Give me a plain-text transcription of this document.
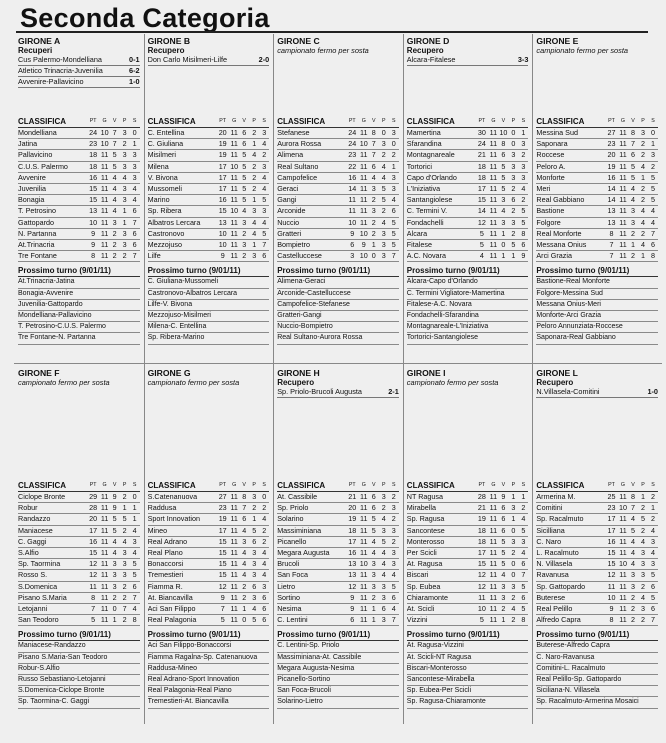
Seconda Categoria
GIRONE A
Recuperi
Cus Palermo-Mondelliana	0-1
Atletico Trinacria-Juvenilia	6-2
Avvenire-Pallavicino	1-0
CLASSIFICA	PT	G	V	P	S
Mondelliana	24 10 7 3 0
Jatina	23 10 7 2 1
Pallavicino	18 11 5 3 3
C.U.S. Palermo	18 11 5 3 3
Avvenire	16 11 4 4 3
Juvenilia	15 11 4 3 4
Bonagia	15 11 4 3 4
T. Petrosino	13 11 4 1 6
Gattopardo	10 11 3 1 7
N. Partanna	9 11 2 3 6
At.Trinacria	9 11 2 3 6
Tre Fontane	8 11 2 2 7
Prossimo turno (9/01/11)
At.Trinacria-Jatina
Bonagia-Avvenire
Juvenilia-Gattopardo
Mondelliana-Pallavicino
T. Petrosino-C.U.S. Palermo
Tre Fontane-N. Partanna
GIRONE B
Recupero
Don Carlo Misilmeri-Lilfe	2-0
CLASSIFICA	PT	G	V	P	S
C. Entellina	20 11 6 2 3
C. Giuliana	19 11 6 1 4
Misilmeri	19 11 5 4 2
Milena	17 10 5 2 3
V. Bivona	17 11 5 2 4
Mussomeli	17 11 5 2 4
Marino	16 11 5 1 5
Sp. Ribera	15 10 4 3 3
Albatros Lercara	13 11 3 4 4
Castronovo	10 11 2 4 5
Mezzojuso	10 11 3 1 7
Lilfe	9 11 2 3 6
Prossimo turno (9/01/11)
C. Giuliana-Mussomeli
Castronovo-Albatros Lercara
Lilfe-V. Bivona
Mezzojuso-Misilmeri
Milena-C. Entellina
Sp. Ribera-Marino
GIRONE C
campionato fermo per sosta
CLASSIFICA	PT	G	V	P	S
Stefanese	24 11 8 0 3
Aurora Rossa	24 10 7 3 0
Alimena	23 11 7 2 2
Real Sultano	22 11 6 4 1
Campofelice	16 11 4 4 3
Geraci	14 11 3 5 3
Gangi	11 11 2 5 4
Arconide	11 11 3 2 6
Nuccio	10 11 2 4 5
Gratteri	9 10 2 3 5
Bompietro	6	9 1 3 5
Castelluccese	3 10 0 3 7
Prossimo turno (9/01/11)
Alimena-Geraci
Arconide-Castelluccese
Campofelice-Stefanese
Gratteri-Gangi
Nuccio-Bompietro
Real Sultano-Aurora Rossa
GIRONE D
Recupero
Alcara-Fitalese	3-3
CLASSIFICA	PT	G	V	P	S
Mamertina	30 11 10 0 1
Sfarandina	24 11 8 0 3
Montagnareale	21 11 6 3 2
Tortorici	18 11 5 3 3
Capo d'Orlando	18 11 5 3 3
L'Iniziativa	17 11 5 2 4
Santangiolese	15 11 3 6 2
C. Termini V.	14 11 4 2 5
Fondachelli	12 11 3 3 5
Alcara	5 11 1 2 8
Fitalese	5 11 0 5 6
A.C. Novara	4 11 1 1 9
Prossimo turno (9/01/11)
Alcara-Capo d'Orlando
C. Termini Vigliatore-Mamertina
Fitalese-A.C. Novara
Fondachelli-Sfarandina
Montagnareale-L'Iniziativa
Tortorici-Santangiolese
GIRONE E
campionato fermo per sosta
CLASSIFICA	PT	G	V	P	S
Messina Sud	27 11 8 3 0
Saponara	23 11 7 2 1
Roccese	20 11 6 2 3
Peloro A.	19 11 5 4 2
Monforte	16 11 5 1 5
Meri	14 11 4 2 5
Real Gabbiano	14 11 4 2 5
Bastione	13 11 3 4 4
Folgore	13 11 3 4 4
Real Monforte	8 11 2 2 7
Messana Onius	7 11 1 4 6
Arci Grazia	7 11 2 1 8
Prossimo turno (9/01/11)
Bastione-Real Monforte
Folgore-Messina Sud
Messana Onius-Meri
Monforte-Arci Grazia
Peloro Annunziata-Roccese
Saponara-Real Gabbiano
GIRONE F
campionato fermo per sosta
CLASSIFICA	PT	G	V	P	S
Ciclope Bronte	29 11 9 2 0
Robur	28 11 9 1 1
Randazzo	20 11 5 5 1
Maniacese	17 11 5 2 4
C. Gaggi	16 11 4 4 3
S.Alfio	15 11 4 3 4
Sp. Taormina	12 11 3 3 5
Rosso S.	12 11 3 3 5
S.Domenica	11 11 3 2 6
Pisano S.Maria	8 11 2 2 7
Letojanni	7 11 0 7 4
San Teodoro	5 11 1 2 8
Prossimo turno (9/01/11)
Maniacese-Randazzo
Pisano S.Maria-San Teodoro
Robur-S.Alfio
Russo Sebastiano-Letojanni
S.Domenica-Ciclope Bronte
Sp. Taormina-C. Gaggi
GIRONE G
campionato fermo per sosta
CLASSIFICA	PT	G	V	P	S
S.Catenanuova	27 11 8 3 0
Raddusa	23 11 7 2 2
Sport Innovation	19 11 6 1 4
Mineo	17 11 4 5 2
Real Adrano	15 11 3 6 2
Real Plano	15 11 4 3 4
Bonaccorsi	15 11 4 3 4
Tremestieri	15 11 4 3 4
Fiamma R.	12 11 2 6 3
At. Biancavilla	9 11 2 3 6
Aci San Filippo	7 11 1 4 6
Real Palagonia	5 11 0 5 6
Prossimo turno (9/01/11)
Aci San Filippo-Bonaccorsi
Fiamma Ragalna-Sp. Catenanuova
Raddusa-Mineo
Real Adrano-Sport Innovation
Real Palagonia-Real Piano
Tremestieri-At. Biancavilla
GIRONE H
Recupero
Sp. Priolo-Brucoli Augusta	2-1
CLASSIFICA	PT	G	V	P	S
At. Cassibile	21 11 6 3 2
Sp. Priolo	20 11 6 2 3
Solarino	19 11 5 4 2
Massiminiana	18 11 5 3 3
Picanello	17 11 4 5 2
Megara Augusta	16 11 4 4 3
Brucoli	13 10 3 4 3
San Foca	13 11 3 4 4
Lietro	12 11 3 3 5
Sortino	9 11 2 3 6
Nesima	9 11 1 6 4
C. Lentini	6 11 1 3 7
Prossimo turno (9/01/11)
C. Lentini-Sp. Priolo
Massiminiana-At. Cassibile
Megara Augusta-Nesima
Picanello-Sortino
San Foca-Brucoli
Solarino-Lietro
GIRONE I
campionato fermo per sosta
CLASSIFICA	PT	G	V	P	S
NT Ragusa	28 11 9 1 1
Mirabella	21 11 6 3 2
Sp. Ragusa	19 11 6 1 4
Sancontese	18 11 6 0 5
Monterosso	18 11 5 3 3
Per Scicli	17 11 5 2 4
At. Ragusa	15 11 5 0 6
Biscari	12 11 4 0 7
Sp. Eubea	12 11 3 3 5
Chiaramonte	11 11 3 2 6
At. Scicli	10 11 2 4 5
Vizzini	5 11 1 2 8
Prossimo turno (9/01/11)
At. Ragusa-Vizzini
At. Scicli-NT Ragusa
Biscari-Monterosso
Sancontese-Mirabella
Sp. Eubea-Per Scicli
Sp. Ragusa-Chiaramonte
GIRONE L
Recupero
N.Villasela-Comitini	1-0
CLASSIFICA	PT	G	V	P	S
Armerina M.	25 11 8 1 2
Comitini	23 10 7 2 1
Sp. Racalmuto	17 11 4 5 2
Sicilliana	17 11 5 2 4
C. Naro	16 11 4 4 3
L. Racalmuto	15 11 4 3 4
N. Villasela	15 10 4 3 3
Ravanusa	12 11 3 3 5
Sp. Gattopardo	11 11 3 2 6
Buterese	10 11 2 4 5
Real Pelillo	9 11 2 3 6
Alfredo Capra	8 11 2 2 7
Prossimo turno (9/01/11)
Buterese-Alfredo Capra
C. Naro-Ravanusa
Comitini-L. Racalmuto
Real Pelillo-Sp. Gattopardo
Siciliana-N. Villasela
Sp. Racalmuto-Armerina Mosaici
